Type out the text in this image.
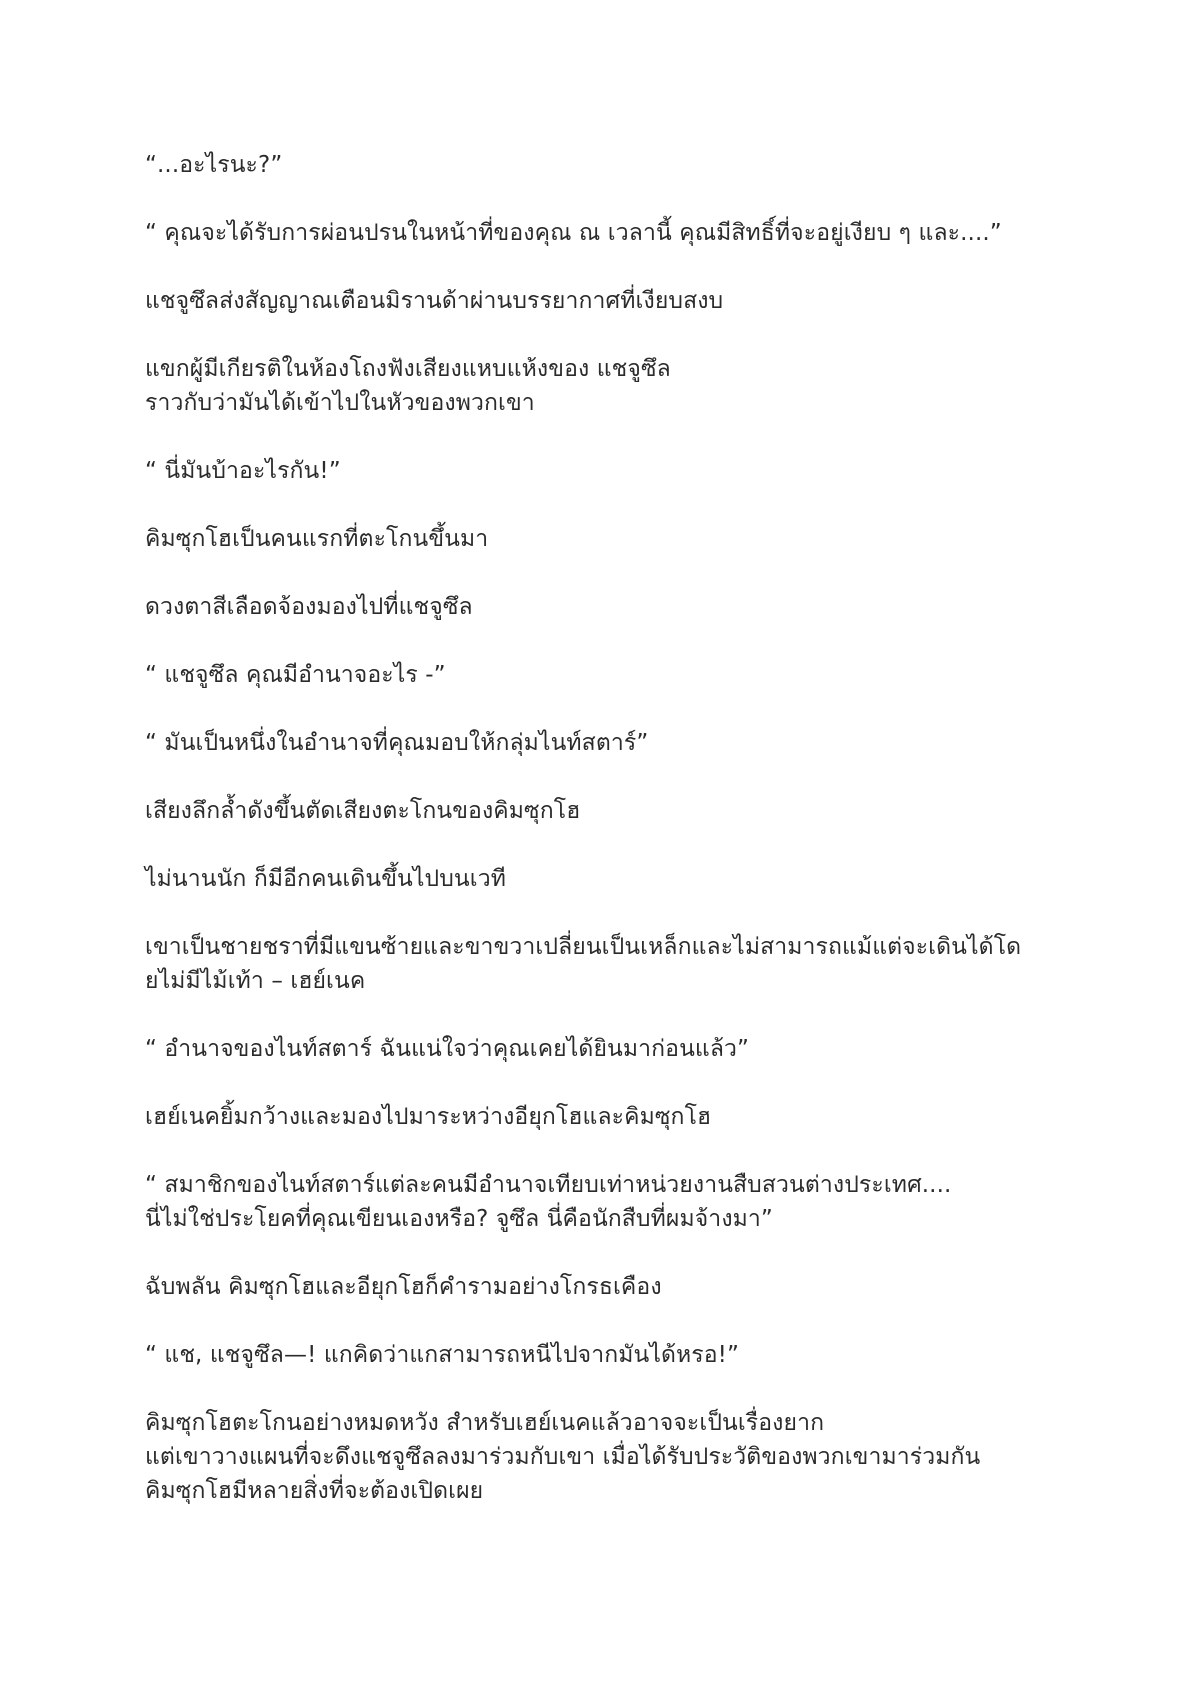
“...อะไรนะ?”

“ คุณจะได้รับการผ่อนปรนในหน้าที่ของคุณ ณ เวลานี้ คุณมีสิทธิ์ที่จะอยู่เงียบ ๆ และ....”

แชจูซึลส่งสัญญาณเตือนมิรานด้าผ่านบรรยากาศที่เงียบสงบ

แขกผู้มีเกียรติในห้องโถงฟังเสียงแหบแห้งของ แชจูซึล
ราวกับว่ามันได้เข้าไปในหัวของพวกเขา

“ นี่มันบ้าอะไรกัน!”

คิมซุกโฮเป็นคนแรกที่ตะโกนขึ้นมา

ดวงตาสีเลือดจ้องมองไปที่แชจูซึล

“ แชจูซึล คุณมีอำนาจอะไร -”

“ มันเป็นหนึ่งในอำนาจที่คุณมอบให้กลุ่มไนท์สตาร์”

เสียงลึกล้ำดังขึ้นตัดเสียงตะโกนของคิมซุกโฮ

ไม่นานนัก ก็มีอีกคนเดินขึ้นไปบนเวที

เขาเป็นชายชราที่มีแขนซ้ายและขาขวาเปลี่ยนเป็นเหล็กและไม่สามารถแม้แต่จะเดินได้โด
ยไม่มีไม้เท้า – เฮย์เนค

“ อำนาจของไนท์สตาร์ ฉันแน่ใจว่าคุณเคยได้ยินมาก่อนแล้ว”

เฮย์เนคยิ้มกว้างและมองไปมาระหว่างอียุกโฮและคิมซุกโฮ

“ สมาชิกของไนท์สตาร์แต่ละคนมีอำนาจเทียบเท่าหน่วยงานสืบสวนต่างประเทศ....
นี่ไม่ใช่ประโยคที่คุณเขียนเองหรือ? จูซึล นี่คือนักสืบที่ผมจ้างมา”

ฉับพลัน คิมซุกโฮและอียุกโฮก็คำรามอย่างโกรธเคือง

“ แช, แชจูซึล—! แกคิดว่าแกสามารถหนีไปจากมันได้หรอ!”

คิมซุกโฮตะโกนอย่างหมดหวัง สำหรับเฮย์เนคแล้วอาจจะเป็นเรื่องยาก
แต่เขาวางแผนที่จะดึงแชจูซึลลงมาร่วมกับเขา เมื่อได้รับประวัติของพวกเขามาร่วมกัน
คิมซุกโฮมีหลายสิ่งที่จะต้องเปิดเผย
